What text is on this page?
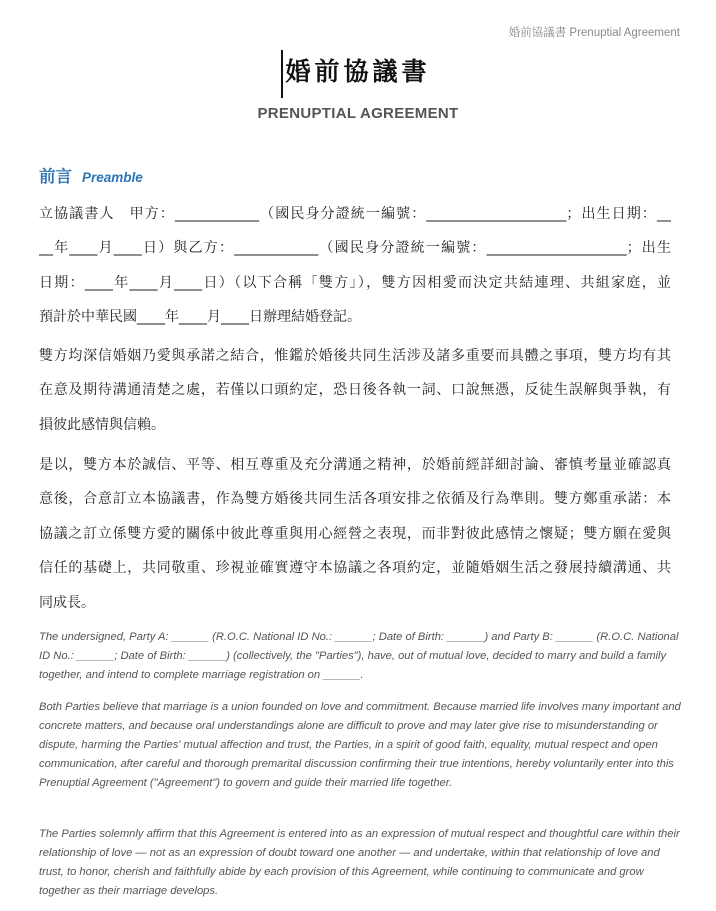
婚前協議書 Prenuptial Agreement
婚前協議書
PRENUPTIAL AGREEMENT
前言 Preamble
立協議書人　甲方：____________（國民身分證統一編號：____________________；出生日期：__
__年____月____日）與乙方：____________（國民身分證統一編號：____________________；出生
日期：____年____月____日）（以下合稱「雙方」），雙方因相愛而決定共結連理、共組家庭，並
預計於中華民國____年____月____日辦理結婚登記。
雙方均深信婚姻乃愛與承諾之結合，惟鑑於婚後共同生活涉及諸多重要而具體之事項，雙方均有其
在意及期待溝通清楚之處，若僅以口頭約定，恐日後各執一詞、口說無憑，反徒生誤解與爭執，有
損彼此感情與信賴。
是以，雙方本於誠信、平等、相互尊重及充分溝通之精神，於婚前經詳細討論、審慎考量並確認真
意後，合意訂立本協議書，作為雙方婚後共同生活各項安排之依循及行為準則。雙方鄭重承諾：本
協議之訂立係雙方愛的關係中彼此尊重與用心經營之表現，而非對彼此感情之懷疑；雙方願在愛與
信任的基礎上，共同敬重、珍視並確實遵守本協議之各項約定，並隨婚姻生活之發展持續溝通、共
同成長。
The undersigned, Party A: ______ (R.O.C. National ID No.: ______; Date of Birth: ______) and Party B: ______ (R.O.C. National ID No.: ______; Date of Birth: ______) (collectively, the "Parties"), have, out of mutual love, decided to marry and build a family together, and intend to complete marriage registration on ______.
Both Parties believe that marriage is a union founded on love and commitment. Because married life involves many important and concrete matters, and because oral understandings alone are difficult to prove and may later give rise to misunderstanding or dispute, harming the Parties' mutual affection and trust, the Parties, in a spirit of good faith, equality, mutual respect and open communication, after careful and thorough premarital discussion confirming their true intentions, hereby voluntarily enter into this Prenuptial Agreement ("Agreement") to govern and guide their married life together.
The Parties solemnly affirm that this Agreement is entered into as an expression of mutual respect and thoughtful care within their relationship of love — not as an expression of doubt toward one another — and undertake, within that relationship of love and trust, to honor, cherish and faithfully abide by each provision of this Agreement, while continuing to communicate and grow together as their marriage develops.
